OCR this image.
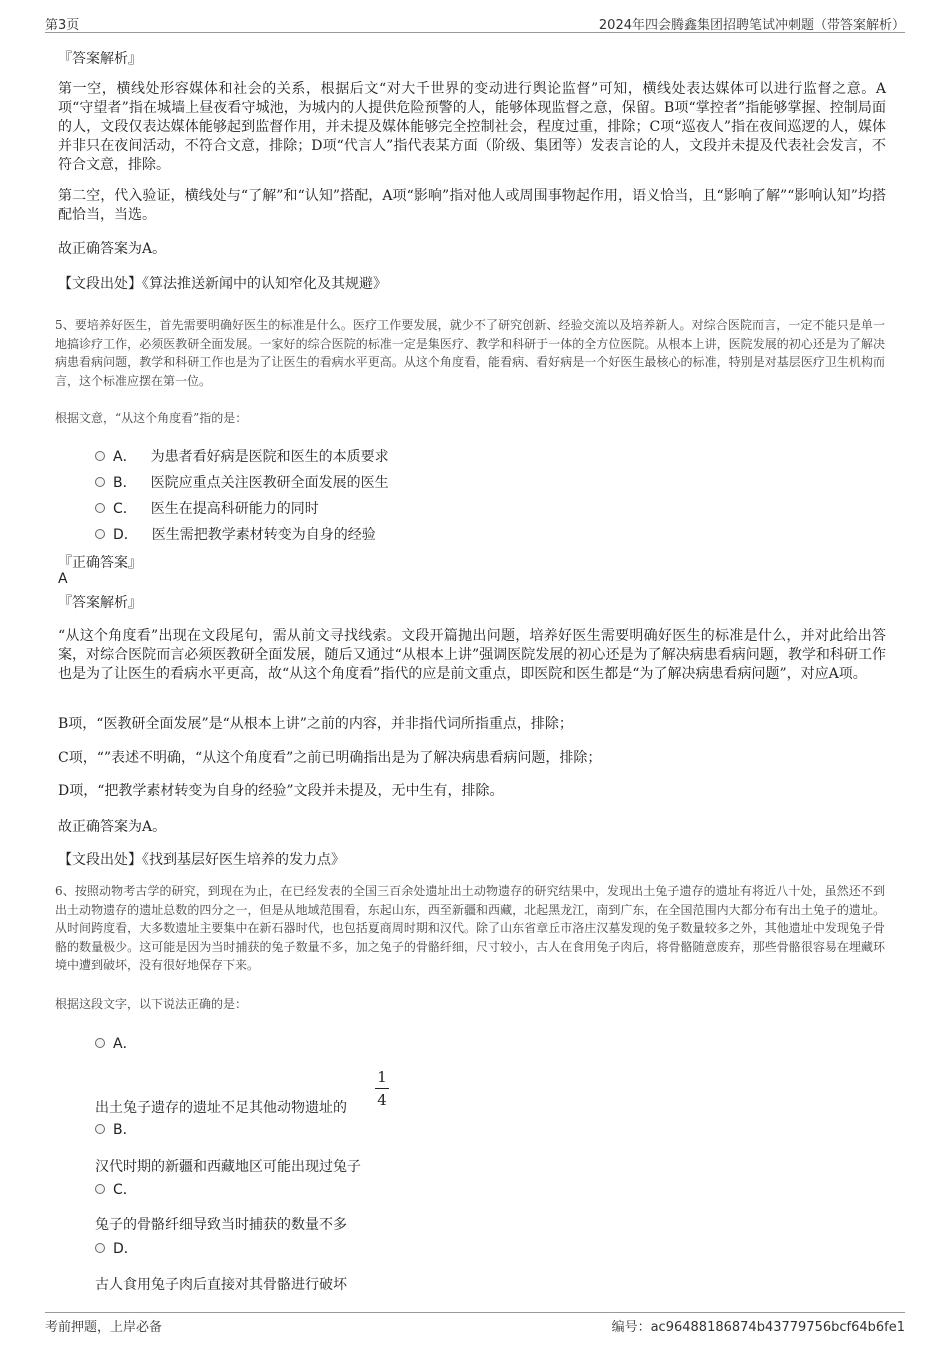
第3页	2024年四会腾鑫集团招聘笔试冲刺题（带答案解析）
『答案解析』
第一空，横线处形容媒体和社会的关系，根据后文“对大千世界的变动进行舆论监督”可知，横线处表达媒体可以进行监督之意。A项“守望者”指在城墙上昼夜看守城池，为城内的人提供危险预警的人，能够体现监督之意，保留。B项“掌控者”指能够掌握、控制局面的人，文段仅表达媒体能够起到监督作用，并未提及媒体能够完全控制社会，程度过重，排除；C项“巡夜人”指在夜间巡逻的人，媒体并非只在夜间活动，不符合文意，排除；D项“代言人”指代表某方面（阶级、集团等）发表言论的人，文段并未提及代表社会发言，不符合文意，排除。
第二空，代入验证，横线处与“了解”和“认知”搭配，A项“影响”指对他人或周围事物起作用，语义恰当，且“影响了解”“影响认知”均搭配恰当，当选。
故正确答案为A。
【文段出处】《算法推送新闻中的认知窄化及其规避》
5、要培养好医生，首先需要明确好医生的标准是什么。医疗工作要发展，就少不了研究创新、经验交流以及培养新人。对综合医院而言，一定不能只是单一地搞诊疗工作，必须医教研全面发展。一家好的综合医院的标准一定是集医疗、教学和科研于一体的全方位医院。从根本上讲，医院发展的初心还是为了解决病患看病问题，教学和科研工作也是为了让医生的看病水平更高。从这个角度看，能看病、看好病是一个好医生最核心的标准，特别是对基层医疗卫生机构而言，这个标准应摆在第一位。
根据文意，“从这个角度看”指的是：
A． 为患者看好病是医院和医生的本质要求
B． 医院应重点关注医教研全面发展的医生
C． 医生在提高科研能力的同时
D． 医生需把教学素材转变为自身的经验
『正确答案』
A
『答案解析』
“从这个角度看”出现在文段尾句，需从前文寻找线索。文段开篇抛出问题，培养好医生需要明确好医生的标准是什么，并对此给出答案，对综合医院而言必须医教研全面发展，随后又通过“从根本上讲”强调医院发展的初心还是为了解决病患看病问题，教学和科研工作也是为了让医生的看病水平更高，故“从这个角度看”指代的应是前文重点，即医院和医生都是“为了解决病患看病问题”，对应A项。
B项，“医教研全面发展”是“从根本上讲”之前的内容，并非指代词所指重点，排除；
C项，“”表述不明确，“从这个角度看”之前已明确指出是为了解决病患看病问题，排除；
D项，“把教学素材转变为自身的经验”文段并未提及，无中生有，排除。
故正确答案为A。
【文段出处】《找到基层好医生培养的发力点》
6、按照动物考古学的研究，到现在为止，在已经发表的全国三百余处遗址出土动物遗存的研究结果中，发现出土兔子遗存的遗址有将近八十处，虽然还不到出土动物遗存的遗址总数的四分之一，但是从地域范围看，东起山东，西至新疆和西藏，北起黑龙江，南到广东，在全国范围内大都分布有出土兔子的遗址。从时间跨度看，大多数遗址主要集中在新石器时代，也包括夏商周时期和汉代。除了山东省章丘市洛庄汉墓发现的兔子数量较多之外，其他遗址中发现兔子骨骼的数量极少。这可能是因为当时捕获的兔子数量不多，加之兔子的骨骼纤细，尺寸较小，古人在食用兔子肉后，将骨骼随意废弃，那些骨骼很容易在埋藏环境中遭到破坏，没有很好地保存下来。
根据这段文字，以下说法正确的是：
A．
出土兔子遗存的遗址不足其他动物遗址的
1
4
B．
汉代时期的新疆和西藏地区可能出现过兔子
C．
兔子的骨骼纤细导致当时捕获的数量不多
D．
古人食用兔子肉后直接对其骨骼进行破坏
考前押题，上岸必备	编号：ac96488186874b43779756bcf64b6fe1
